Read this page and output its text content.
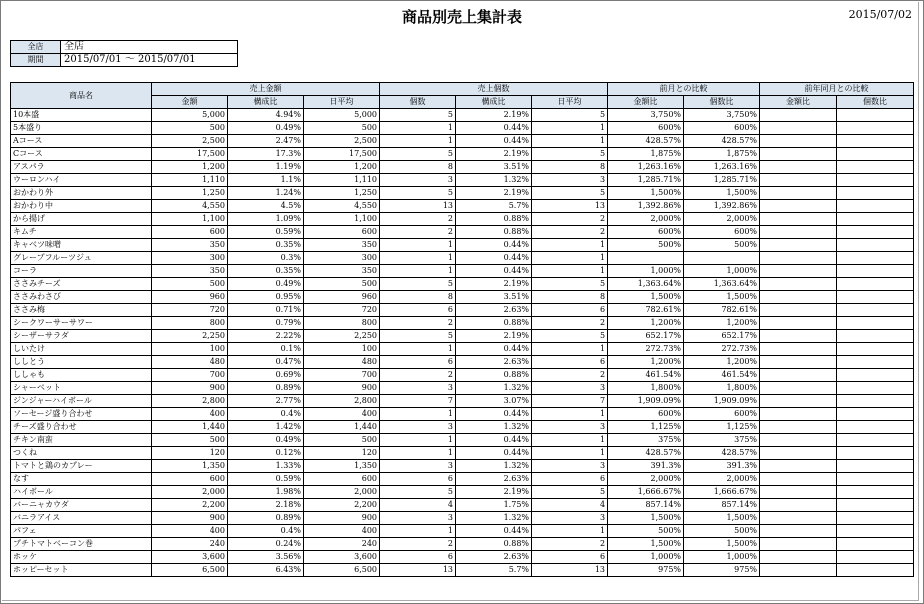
商品別売上集計表	2015/07/02
全店	全店
期間	2015/07/01 ～ 2015/07/01
商品名	売上金額			売上個数			前月との比較		前年同月との比較	
	金額	構成比	日平均	個数	構成比	日平均	金額比	個数比	金額比	個数比
10本盛	5,000	4.94%	5,000	5	2.19%	5	3,750%	3,750%		
5本盛り	500	0.49%	500	1	0.44%	1	600%	600%		
Aコース	2,500	2.47%	2,500	1	0.44%	1	428.57%	428.57%		
Cコース	17,500	17.3%	17,500	5	2.19%	5	1,875%	1,875%		
アスパラ	1,200	1.19%	1,200	8	3.51%	8	1,263.16%	1,263.16%		
ウーロンハイ	1,110	1.1%	1,110	3	1.32%	3	1,285.71%	1,285.71%		
おかわり外	1,250	1.24%	1,250	5	2.19%	5	1,500%	1,500%		
おかわり中	4,550	4.5%	4,550	13	5.7%	13	1,392.86%	1,392.86%		
から揚げ	1,100	1.09%	1,100	2	0.88%	2	2,000%	2,000%		
キムチ	600	0.59%	600	2	0.88%	2	600%	600%		
キャベツ味噌	350	0.35%	350	1	0.44%	1	500%	500%		
グレープフルーツジュ	300	0.3%	300	1	0.44%	1				
コーラ	350	0.35%	350	1	0.44%	1	1,000%	1,000%		
ささみチーズ	500	0.49%	500	5	2.19%	5	1,363.64%	1,363.64%		
ささみわさび	960	0.95%	960	8	3.51%	8	1,500%	1,500%		
ささみ梅	720	0.71%	720	6	2.63%	6	782.61%	782.61%		
シークワーサーサワー	800	0.79%	800	2	0.88%	2	1,200%	1,200%		
シーザーサラダ	2,250	2.22%	2,250	5	2.19%	5	652.17%	652.17%		
しいたけ	100	0.1%	100	1	0.44%	1	272.73%	272.73%		
ししとう	480	0.47%	480	6	2.63%	6	1,200%	1,200%		
ししゃも	700	0.69%	700	2	0.88%	2	461.54%	461.54%		
シャーベット	900	0.89%	900	3	1.32%	3	1,800%	1,800%		
ジンジャーハイボール	2,800	2.77%	2,800	7	3.07%	7	1,909.09%	1,909.09%		
ソーセージ盛り合わせ	400	0.4%	400	1	0.44%	1	600%	600%		
チーズ盛り合わせ	1,440	1.42%	1,440	3	1.32%	3	1,125%	1,125%		
チキン南蛮	500	0.49%	500	1	0.44%	1	375%	375%		
つくね	120	0.12%	120	1	0.44%	1	428.57%	428.57%		
トマトと鶏のカプレー	1,350	1.33%	1,350	3	1.32%	3	391.3%	391.3%		
なす	600	0.59%	600	6	2.63%	6	2,000%	2,000%		
ハイボール	2,000	1.98%	2,000	5	2.19%	5	1,666.67%	1,666.67%		
バーニャカウダ	2,200	2.18%	2,200	4	1.75%	4	857.14%	857.14%		
バニラアイス	900	0.89%	900	3	1.32%	3	1,500%	1,500%		
パフェ	400	0.4%	400	1	0.44%	1	500%	500%		
プチトマトベーコン巻	240	0.24%	240	2	0.88%	2	1,500%	1,500%		
ホッケ	3,600	3.56%	3,600	6	2.63%	6	1,000%	1,000%		
ホッピーセット	6,500	6.43%	6,500	13	5.7%	13	975%	975%		
